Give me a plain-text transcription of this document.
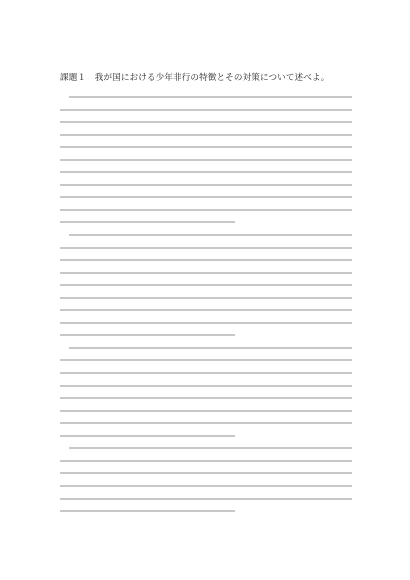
課題１　我が国における少年非行の特徴とその対策について述べよ。
